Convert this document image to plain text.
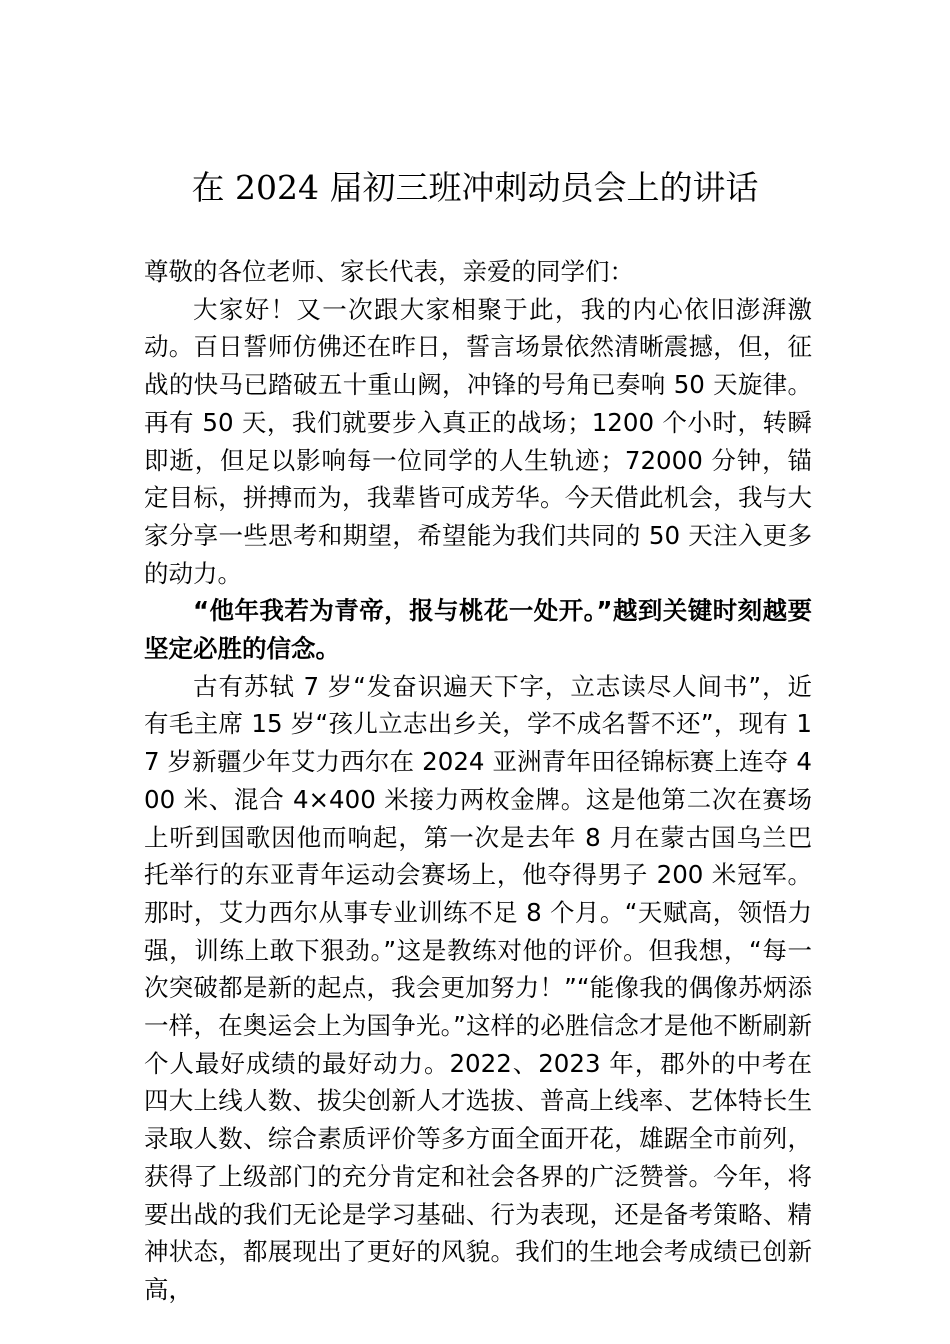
在 2024 届初三班冲刺动员会上的讲话

尊敬的各位老师、家长代表，亲爱的同学们：

大家好！又一次跟大家相聚于此，我的内心依旧澎湃激动。百日誓师仿佛还在昨日，誓言场景依然清晰震撼，但，征战的快马已踏破五十重山阙，冲锋的号角已奏响 50 天旋律。再有 50 天，我们就要步入真正的战场；1200 个小时，转瞬即逝，但足以影响每一位同学的人生轨迹；72000 分钟，锚定目标，拼搏而为，我辈皆可成芳华。今天借此机会，我与大家分享一些思考和期望，希望能为我们共同的 50 天注入更多的动力。

“他年我若为青帝，报与桃花一处开。”越到关键时刻越要坚定必胜的信念。

古有苏轼 7 岁“发奋识遍天下字，立志读尽人间书”，近有毛主席 15 岁“孩儿立志出乡关，学不成名誓不还”，现有 17 岁新疆少年艾力西尔在 2024 亚洲青年田径锦标赛上连夺 400 米、混合 4×400 米接力两枚金牌。这是他第二次在赛场上听到国歌因他而响起，第一次是去年 8 月在蒙古国乌兰巴托举行的东亚青年运动会赛场上，他夺得男子 200 米冠军。那时，艾力西尔从事专业训练不足 8 个月。“天赋高，领悟力强，训练上敢下狠劲。”这是教练对他的评价。但我想，“每一次突破都是新的起点，我会更加努力！”“能像我的偶像苏炳添一样，在奥运会上为国争光。”这样的必胜信念才是他不断刷新个人最好成绩的最好动力。2022、2023 年，郡外的中考在四大上线人数、拔尖创新人才选拔、普高上线率、艺体特长生录取人数、综合素质评价等多方面全面开花，雄踞全市前列，获得了上级部门的充分肯定和社会各界的广泛赞誉。今年，将要出战的我们无论是学习基础、行为表现，还是备考策略、精神状态，都展现出了更好的风貌。我们的生地会考成绩已创新高，
